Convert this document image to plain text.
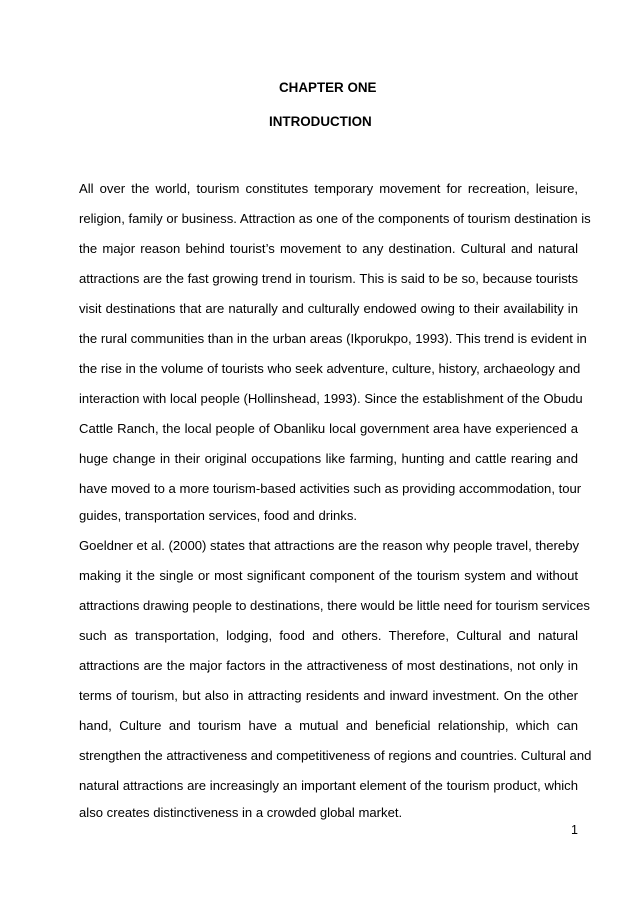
CHAPTER ONE
INTRODUCTION
All over the world, tourism constitutes temporary movement for recreation, leisure,
religion, family or business. Attraction as one of the components of tourism destination is
the major reason behind tourist’s movement to any destination. Cultural and natural
attractions are the fast growing trend in tourism. This is said to be so, because tourists
visit destinations that are naturally and culturally endowed owing to their availability in
the rural communities than in the urban areas (Ikporukpo, 1993). This trend is evident in
the rise in the volume of tourists who seek adventure, culture, history, archaeology and
interaction with local people (Hollinshead, 1993). Since the establishment of the Obudu
Cattle Ranch, the local people of Obanliku local government area have experienced a
huge change in their original occupations like farming, hunting and cattle rearing and
have moved to a more tourism-based activities such as providing accommodation, tour
guides, transportation services, food and drinks.
Goeldner et al. (2000) states that attractions are the reason why people travel, thereby
making it the single or most significant component of the tourism system and without
attractions drawing people to destinations, there would be little need for tourism services
such as transportation, lodging, food and others. Therefore, Cultural and natural
attractions are the major factors in the attractiveness of most destinations, not only in
terms of tourism, but also in attracting residents and inward investment. On the other
hand, Culture and tourism have a mutual and beneficial relationship, which can
strengthen the attractiveness and competitiveness of regions and countries. Cultural and
natural attractions are increasingly an important element of the tourism product, which
also creates distinctiveness in a crowded global market.
1
